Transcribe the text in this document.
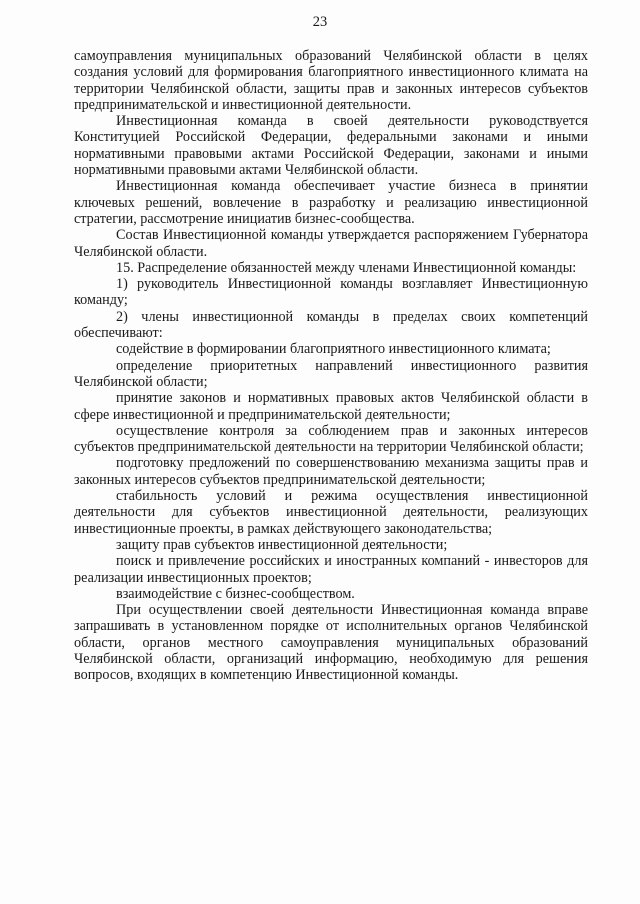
23

самоуправления муниципальных образований Челябинской области в целях создания условий для формирования благоприятного инвестиционного климата на территории Челябинской области, защиты прав и законных интересов субъектов предпринимательской и инвестиционной деятельности.

Инвестиционная команда в своей деятельности руководствуется Конституцией Российской Федерации, федеральными законами и иными нормативными правовыми актами Российской Федерации, законами и иными нормативными правовыми актами Челябинской области.

Инвестиционная команда обеспечивает участие бизнеса в принятии ключевых решений, вовлечение в разработку и реализацию инвестиционной стратегии, рассмотрение инициатив бизнес-сообщества.

Состав Инвестиционной команды утверждается распоряжением Губернатора Челябинской области.

15. Распределение обязанностей между членами Инвестиционной команды:

1) руководитель Инвестиционной команды возглавляет Инвестиционную команду;

2) члены инвестиционной команды в пределах своих компетенций обеспечивают:

содействие в формировании благоприятного инвестиционного климата;

определение приоритетных направлений инвестиционного развития Челябинской области;

принятие законов и нормативных правовых актов Челябинской области в сфере инвестиционной и предпринимательской деятельности;

осуществление контроля за соблюдением прав и законных интересов субъектов предпринимательской деятельности на территории Челябинской области;

подготовку предложений по совершенствованию механизма защиты прав и законных интересов субъектов предпринимательской деятельности;

стабильность условий и режима осуществления инвестиционной деятельности для субъектов инвестиционной деятельности, реализующих инвестиционные проекты, в рамках действующего законодательства;

защиту прав субъектов инвестиционной деятельности;

поиск и привлечение российских и иностранных компаний - инвесторов для реализации инвестиционных проектов;

взаимодействие с бизнес-сообществом.

При осуществлении своей деятельности Инвестиционная команда вправе запрашивать в установленном порядке от исполнительных органов Челябинской области, органов местного самоуправления муниципальных образований Челябинской области, организаций информацию, необходимую для решения вопросов, входящих в компетенцию Инвестиционной команды.
